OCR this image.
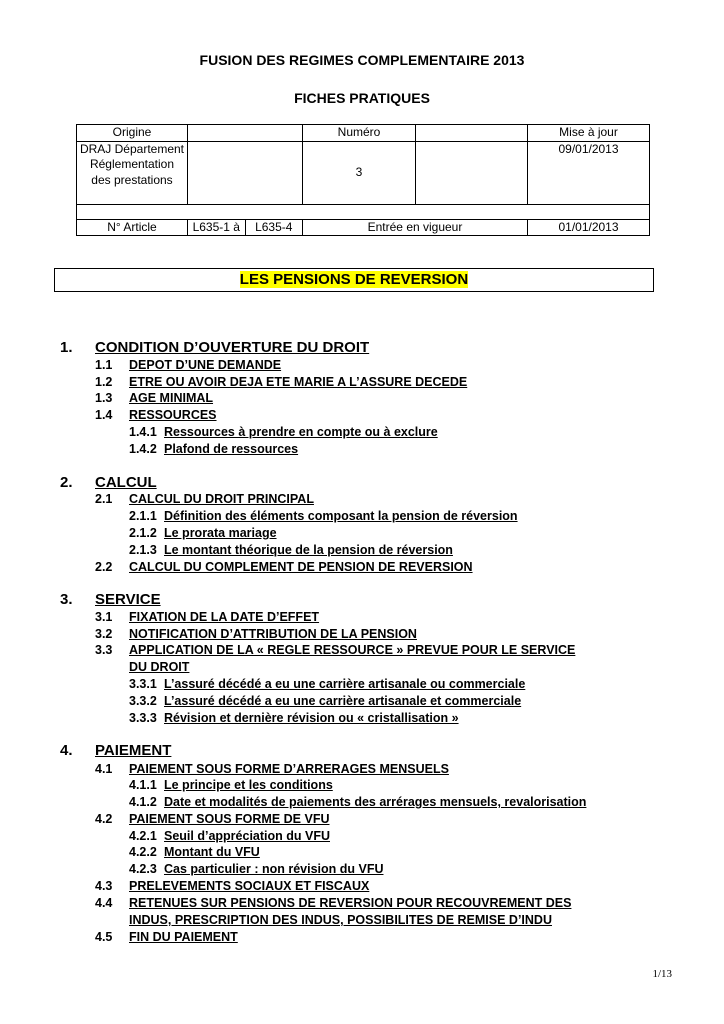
FUSION DES REGIMES COMPLEMENTAIRE 2013
FICHES PRATIQUES
Origine		Numéro		Mise à jour
DRAJ Département Réglementation des prestations		3		09/01/2013

N° Article	L635-1 à L635-4	Entrée en vigueur		01/01/2013
LES PENSIONS DE REVERSION
1. CONDITION D’OUVERTURE DU DROIT
1.1 DEPOT D’UNE DEMANDE
1.2 ETRE OU AVOIR DEJA ETE MARIE A L’ASSURE DECEDE
1.3 AGE MINIMAL
1.4 RESSOURCES
1.4.1 Ressources à prendre en compte ou à exclure
1.4.2 Plafond de ressources
2. CALCUL
2.1 CALCUL DU DROIT PRINCIPAL
2.1.1 Définition des éléments composant la pension de réversion
2.1.2 Le prorata mariage
2.1.3 Le montant théorique de la pension de réversion
2.2 CALCUL DU COMPLEMENT DE PENSION DE REVERSION
3. SERVICE
3.1 FIXATION DE LA DATE D’EFFET
3.2 NOTIFICATION D’ATTRIBUTION DE LA PENSION
3.3 APPLICATION DE LA « REGLE RESSOURCE » PREVUE POUR LE SERVICE
DU DROIT
3.3.1 L’assuré décédé a eu une carrière artisanale ou commerciale
3.3.2 L’assuré décédé a eu une carrière artisanale et commerciale
3.3.3 Révision et dernière révision ou « cristallisation »
4. PAIEMENT
4.1 PAIEMENT SOUS FORME D’ARRERAGES MENSUELS
4.1.1 Le principe et les conditions
4.1.2 Date et modalités de paiements des arrérages mensuels, revalorisation
4.2 PAIEMENT SOUS FORME DE VFU
4.2.1 Seuil d’appréciation du VFU
4.2.2 Montant du VFU
4.2.3 Cas particulier : non révision du VFU
4.3 PRELEVEMENTS SOCIAUX ET FISCAUX
4.4 RETENUES SUR PENSIONS DE REVERSION POUR RECOUVREMENT DES
INDUS, PRESCRIPTION DES INDUS, POSSIBILITES DE REMISE D’INDU
4.5 FIN DU PAIEMENT
1/13
